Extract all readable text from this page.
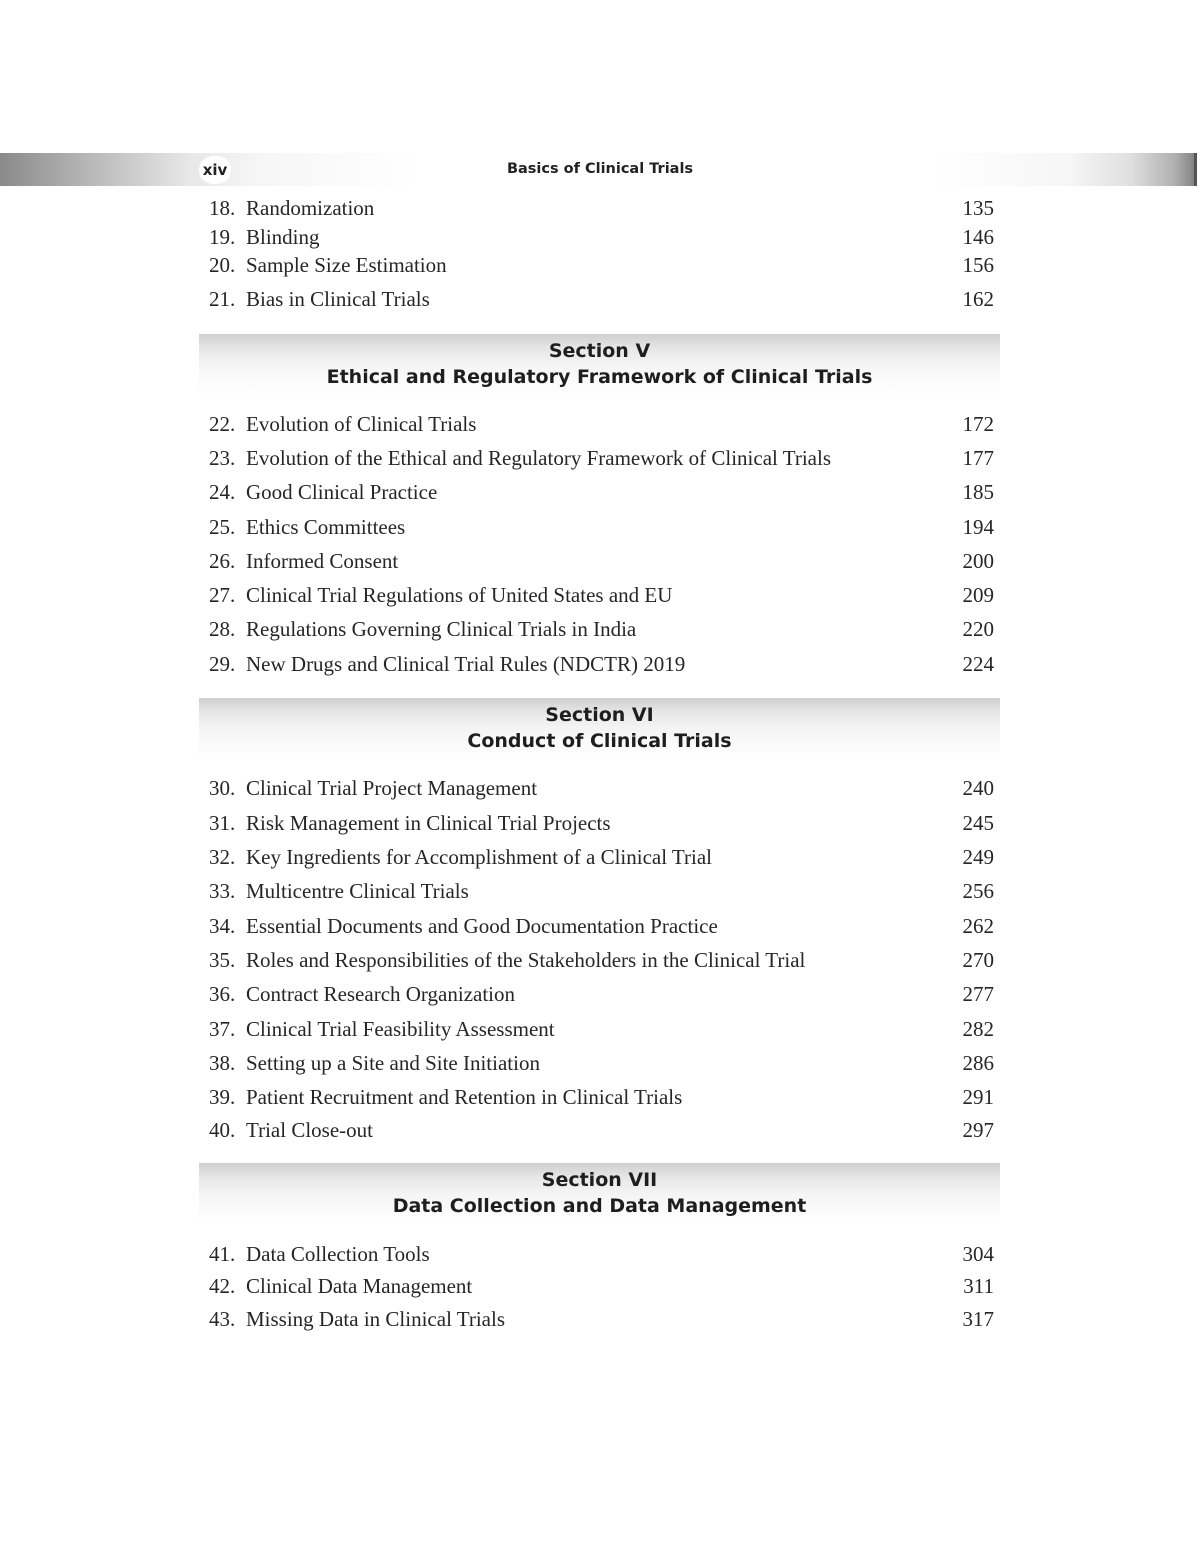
Basics of Clinical Trials
xiv
18. Randomization	135
19. Blinding	146
20. Sample Size Estimation	156
21. Bias in Clinical Trials	162
Section V
Ethical and Regulatory Framework of Clinical Trials
22. Evolution of Clinical Trials	172
23. Evolution of the Ethical and Regulatory Framework of Clinical Trials	177
24. Good Clinical Practice	185
25. Ethics Committees	194
26. Informed Consent	200
27. Clinical Trial Regulations of United States and EU	209
28. Regulations Governing Clinical Trials in India	220
29. New Drugs and Clinical Trial Rules (NDCTR) 2019	224
Section VI
Conduct of Clinical Trials
30. Clinical Trial Project Management	240
31. Risk Management in Clinical Trial Projects	245
32. Key Ingredients for Accomplishment of a Clinical Trial	249
33. Multicentre Clinical Trials	256
34. Essential Documents and Good Documentation Practice	262
35. Roles and Responsibilities of the Stakeholders in the Clinical Trial	270
36. Contract Research Organization	277
37. Clinical Trial Feasibility Assessment	282
38. Setting up a Site and Site Initiation	286
39. Patient Recruitment and Retention in Clinical Trials	291
40. Trial Close-out	297
Section VII
Data Collection and Data Management
41. Data Collection Tools	304
42. Clinical Data Management	311
43. Missing Data in Clinical Trials	317
